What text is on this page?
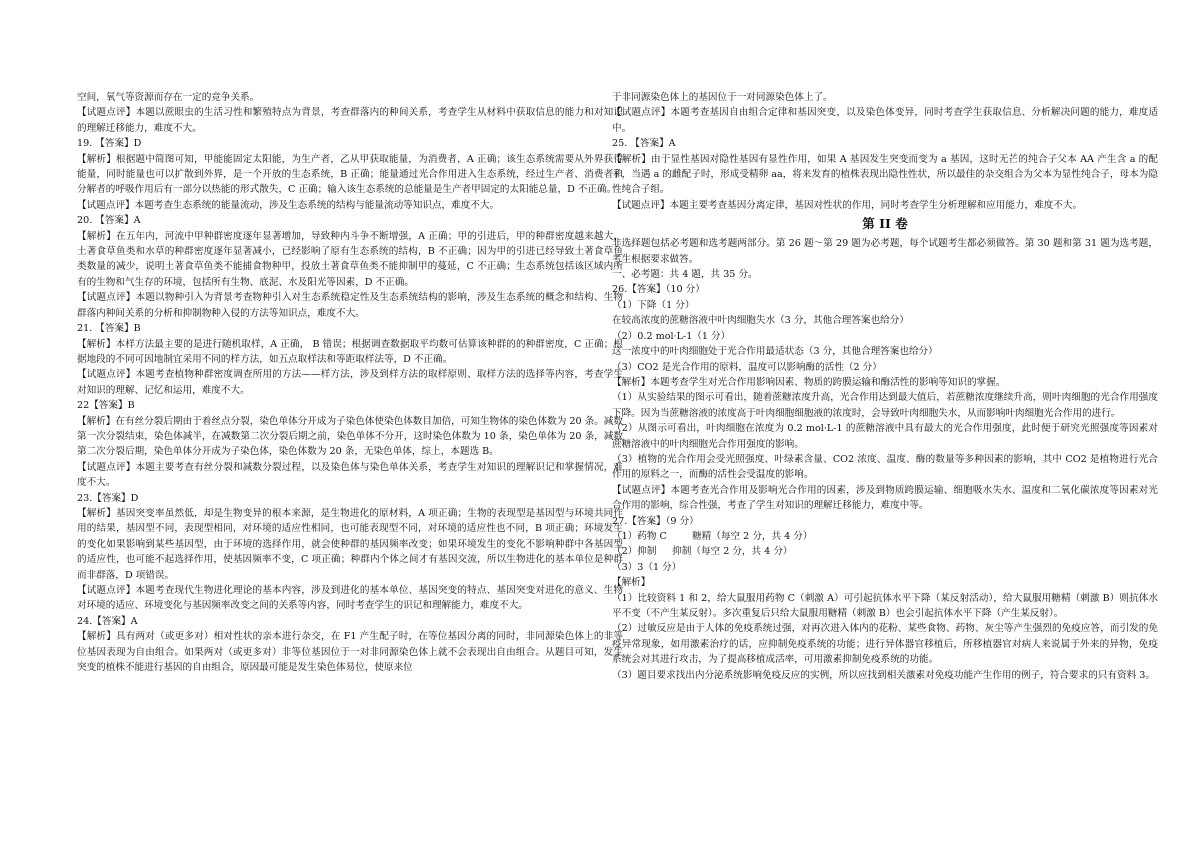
空间，氧气等资源而存在一定的竞争关系。

【试题点评】本题以蔗眼虫的生活习性和繁殖特点为背景，考查群落内的种间关系，考查学生从材料中获取信息的能力和对知识的理解迁移能力，难度不大。

19. 【答案】D

【解析】根据题中简图可知，甲能能固定太阳能，为生产者，乙从甲获取能量，为消费者，A 正确；该生态系统需要从外界获得能量，同时能量也可以扩散到外界，是一个开放的生态系统，B 正确；能量通过光合作用进入生态系统，经过生产者、消费者和分解者的呼吸作用后有一部分以热能的形式散失，C 正确；输入该生态系统的总能量是生产者甲固定的太阳能总量，D 不正确。

【试题点评】本题考查生态系统的能量流动，涉及生态系统的结构与能量流动等知识点，难度不大。

20. 【答案】A

【解析】在五年内，河流中甲种群密度逐年显著增加，导致种内斗争不断增强，A 正确；甲的引进后，甲的种群密度越来越大，土著食草鱼类和水草的种群密度逐年显著减小，已经影响了原有生态系统的结构，B 不正确；因为甲的引进已经导致土著食草鱼类数量的减少，说明土著食草鱼类不能捕食物种甲，投放土著食草鱼类不能抑制甲的蔓延，C 不正确；生态系统包括该区域内所有的生物和气生存的环境，包括所有生物、底泥、水及阳光等因素，D 不正确。

【试题点评】本题以物种引入为背景考查物种引入对生态系统稳定性及生态系统结构的影响，涉及生态系统的概念和结构、生物群落内种间关系的分析和抑制物种入侵的方法等知识点，难度不大。

21. 【答案】B

【解析】本样方法最主要的是进行随机取样，A 正确， B 错误；根据调查数据取平均数可估算该种群的的种群密度，C 正确；根据地段的不同可因地制宜采用不同的样方法，如五点取样法和等距取样法等，D 不正确。

【试题点评】本题考查植物种群密度调查所用的方法——样方法，涉及到样方法的取样原则、取样方法的选择等内容，考查学生对知识的理解、记忆和运用，难度不大。

22【答案】B

【解析】在有丝分裂后期由于着丝点分裂，染色单体分开成为子染色体使染色体数目加倍，可知生物体的染色体数为 20 条。减数第一次分裂结束，染色体减半，在减数第二次分裂后期之前，染色单体不分开，这时染色体数为 10 条，染色单体为 20 条，减数第二次分裂后期，染色单体分开成为子染色体，染色体数为 20 条，无染色单体，综上，本题选 B。

【试题点评】本题主要考查有丝分裂和减数分裂过程，以及染色体与染色单体关系，考查学生对知识的理解识记和掌握情况，难度不大。

23.【答案】D

【解析】基因突变率虽然低，却是生物变异的根本来源，是生物进化的原材料，A 项正确；生物的表现型是基因型与环境共同作用的结果，基因型不同，表现型相同，对环境的适应性相同，也可能表现型不同，对环境的适应性也不同，B 项正确；环境发生的变化如果影响到某些基因型，由于环境的选择作用，就会使种群的基因频率改变；如果环境发生的变化不影响种群中各基因型的适应性，也可能不起选择作用，使基因频率不变，C 项正确；种群内个体之间才有基因交流，所以生物进化的基本单位是种群而非群落，D 项错误。

【试题点评】本题考查现代生物进化理论的基本内容，涉及到进化的基本单位、基因突变的特点、基因突变对进化的意义、生物对环境的适应、环境变化与基因频率改变之间的关系等内容，同时考查学生的识记和理解能力，难度不大。

24.【答案】A

【解析】具有两对（或更多对）相对性状的亲本进行杂交，在 F1 产生配子时，在等位基因分离的同时，非同源染色体上的非等位基因表现为自由组合。如果两对（或更多对）非等位基因位于一对非同源染色体上就不会表现出自由组合。从题目可知，发生突变的植株不能进行基因的自由组合，原因最可能是发生染色体易位，使原来位

于非同源染色体上的基因位于一对同源染色体上了。

【试题点评】本题考查基因自由组合定律和基因突变，以及染色体变异，同时考查学生获取信息、分析解决问题的能力，难度适中。

25. 【答案】A

【解析】由于显性基因对隐性基因有显性作用，如果 A 基因发生突变而变为 a 基因，这时无芒的纯合子父本 AA 产生含 a 的配子，当遇 a 的雌配子时，形成受精卵 aa，将来发育的植株表现出隐性性状，所以最佳的杂交组合为父本为显性纯合子，母本为隐性纯合子组。

【试题点评】本题主要考查基因分离定律，基因对性状的作用，同时考查学生分析理解和应用能力，难度不大。

第 II 卷

非选择题包括必考题和选考题两部分。第 26 题～第 29 题为必考题，每个试题考生都必须做答。第 30 题和第 31 题为选考题，考生根据要求做答。

一、必考题：共 4 题，共 35 分。

26.【答案】（10 分）

（1）下降（1 分）

在较高浓度的蔗糖溶液中叶肉细胞失水（3 分，其他合理答案也给分）

（2）0.2 mol·L-1（1 分）

这一浓度中的叶肉细胞处于光合作用最适状态（3 分，其他合理答案也给分）

（3）CO2 是光合作用的原料，温度可以影响酶的活性（2 分）

【解析】本题考查学生对光合作用影响因素、物质的跨膜运输和酶活性的影响等知识的掌握。

（1）从实验结果的图示可看出，随着蔗糖浓度升高，光合作用达到最大值后，若蔗糖浓度继续升高，则叶肉细胞的光合作用强度下降。因为当蔗糖溶液的浓度高于叶肉细胞细胞液的浓度时，会导致叶肉细胞失水，从而影响叶肉细胞光合作用的进行。

（2）从图示可看出，叶肉细胞在浓度为 0.2 mol·L-1 的蔗糖溶液中具有最大的光合作用强度，此时便于研究光照强度等因素对蔗糖溶液中的叶肉细胞光合作用强度的影响。

（3）植物的光合作用会受光照强度、叶绿素含量、CO2 浓度、温度、酶的数量等多种因素的影响，其中 CO2 是植物进行光合作用的原料之一，而酶的活性会受温度的影响。

【试题点评】本题考查光合作用及影响光合作用的因素，涉及到物质跨膜运输、细胞吸水失水、温度和二氧化碳浓度等因素对光合作用的影响，综合性强，考查了学生对知识的理解迁移能力，难度中等。

27.【答案】（9 分）

（1）药物 C 　　 糖精（每空 2 分，共 4 分）

（2）抑制 　 抑制（每空 2 分，共 4 分）

（3）3（1 分）

【解析】

（1）比较资料 1 和 2，给大鼠服用药物 C（刺激 A）可引起抗体水平下降（某反射活动），给大鼠服用糖精（刺激 B）则抗体水平不变（不产生某反射）。多次重复后只给大鼠服用糖精（刺激 B）也会引起抗体水平下降（产生某反射）。

（2）过敏反应是由于人体的免疫系统过强，对再次进入体内的花粉、某些食物、药物、灰尘等产生强烈的免疫应答，而引发的免疫异常现象，如用激素治疗的话，应抑制免疫系统的功能；进行异体器官移植后，所移植器官对病人来说属于外来的异物，免疫系统会对其进行攻击，为了提高移植成活率，可用激素抑制免疫系统的功能。

（3）题目要求找出内分泌系统影响免疫反应的实例，所以应找到相关激素对免疫功能产生作用的例子，符合要求的只有资料 3。
